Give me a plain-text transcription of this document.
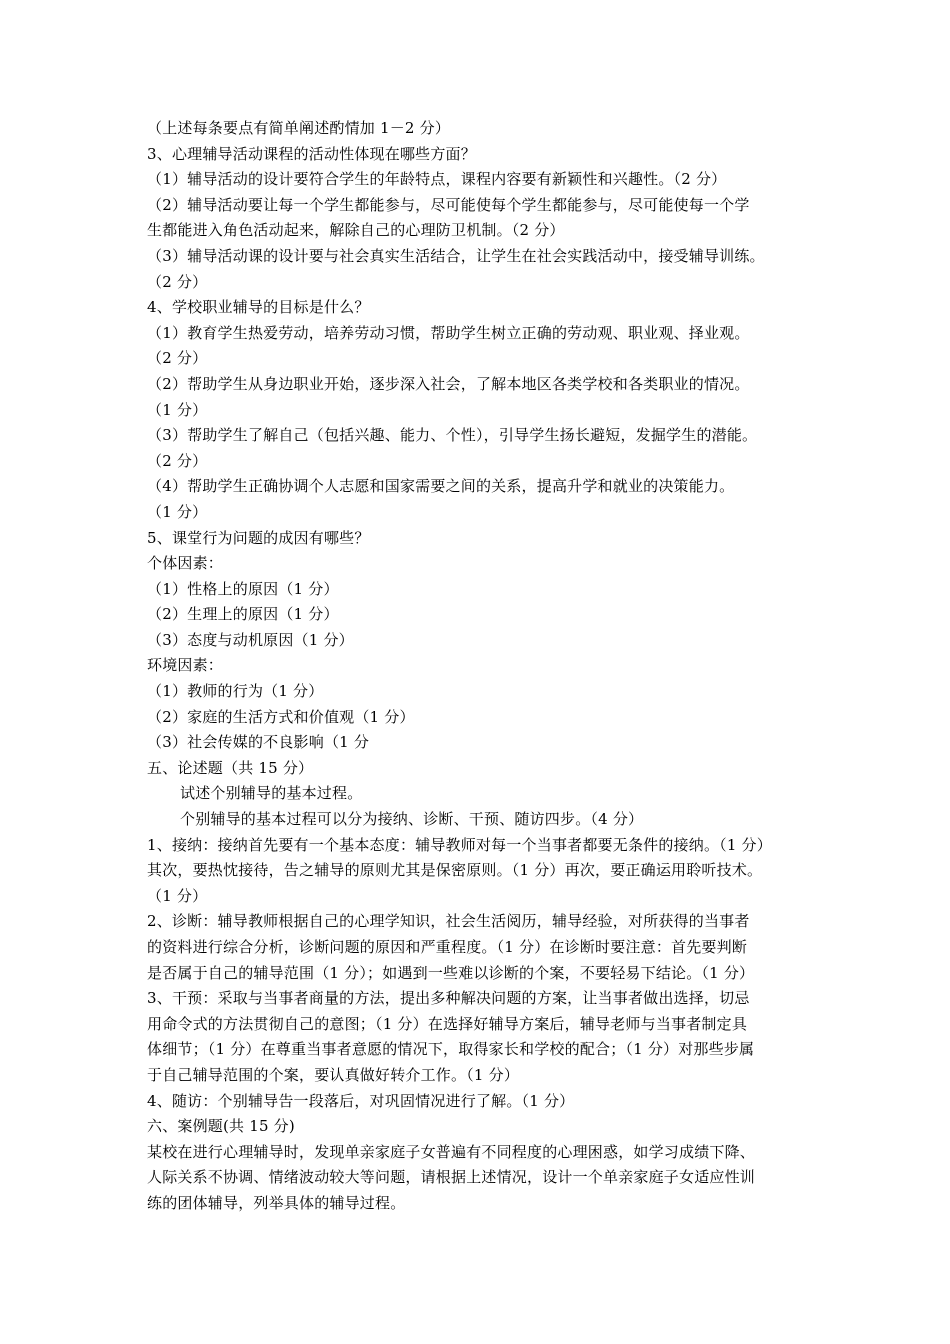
（上述每条要点有简单阐述酌情加 1－2 分）
3、心理辅导活动课程的活动性体现在哪些方面？
（1）辅导活动的设计要符合学生的年龄特点，课程内容要有新颖性和兴趣性。（2 分）
（2）辅导活动要让每一个学生都能参与，尽可能使每个学生都能参与，尽可能使每一个学
生都能进入角色活动起来，解除自己的心理防卫机制。（2 分）
（3）辅导活动课的设计要与社会真实生活结合，让学生在社会实践活动中，接受辅导训练。
（2 分）
4、学校职业辅导的目标是什么？
（1）教育学生热爱劳动，培养劳动习惯，帮助学生树立正确的劳动观、职业观、择业观。
（2 分）
（2）帮助学生从身边职业开始，逐步深入社会，了解本地区各类学校和各类职业的情况。
（1 分）
（3）帮助学生了解自己（包括兴趣、能力、个性），引导学生扬长避短，发掘学生的潜能。
（2 分）
（4）帮助学生正确协调个人志愿和国家需要之间的关系，提高升学和就业的决策能力。
（1 分）
5、课堂行为问题的成因有哪些？
个体因素：
（1）性格上的原因（1 分）
（2）生理上的原因（1 分）
（3）态度与动机原因（1 分）
环境因素：
（1）教师的行为（1 分）
（2）家庭的生活方式和价值观（1 分）
（3）社会传媒的不良影响（1 分
五、论述题（共 15 分）
试述个别辅导的基本过程。
个别辅导的基本过程可以分为接纳、诊断、干预、随访四步。（4 分）
1、接纳：接纳首先要有一个基本态度：辅导教师对每一个当事者都要无条件的接纳。（1 分）
其次，要热忱接待，告之辅导的原则尤其是保密原则。（1 分）再次，要正确运用聆听技术。
（1 分）
2、诊断：辅导教师根据自己的心理学知识，社会生活阅历，辅导经验，对所获得的当事者
的资料进行综合分析，诊断问题的原因和严重程度。（1 分）在诊断时要注意：首先要判断
是否属于自己的辅导范围（1 分）；如遇到一些难以诊断的个案，不要轻易下结论。（1 分）
3、干预：采取与当事者商量的方法，提出多种解决问题的方案，让当事者做出选择，切忌
用命令式的方法贯彻自己的意图；（1 分）在选择好辅导方案后，辅导老师与当事者制定具
体细节；（1 分）在尊重当事者意愿的情况下，取得家长和学校的配合；（1 分）对那些步属
于自己辅导范围的个案，要认真做好转介工作。（1 分）
4、随访：个别辅导告一段落后，对巩固情况进行了解。（1 分）
六、案例题(共 15 分)
某校在进行心理辅导时，发现单亲家庭子女普遍有不同程度的心理困惑，如学习成绩下降、
人际关系不协调、情绪波动较大等问题，请根据上述情况，设计一个单亲家庭子女适应性训
练的团体辅导，列举具体的辅导过程。
